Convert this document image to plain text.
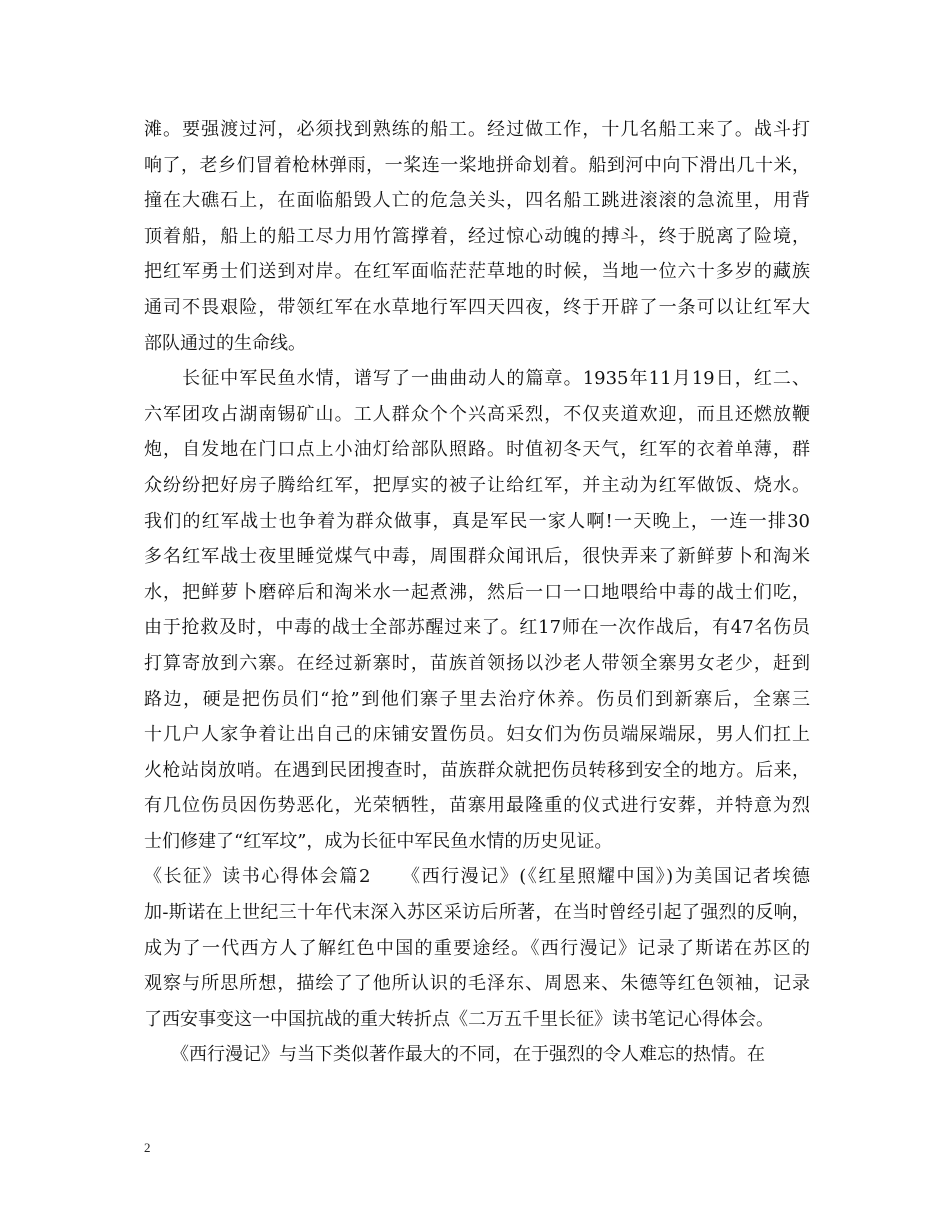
滩。要强渡过河，必须找到熟练的船工。经过做工作，十几名船工来了。战斗打
响了，老乡们冒着枪林弹雨，一桨连一桨地拼命划着。船到河中向下滑出几十米，
撞在大礁石上，在面临船毁人亡的危急关头，四名船工跳进滚滚的急流里，用背
顶着船，船上的船工尽力用竹篙撑着，经过惊心动魄的搏斗，终于脱离了险境，
把红军勇士们送到对岸。在红军面临茫茫草地的时候，当地一位六十多岁的藏族
通司不畏艰险，带领红军在水草地行军四天四夜，终于开辟了一条可以让红军大
部队通过的生命线。
　　长征中军民鱼水情，谱写了一曲曲动人的篇章。1935年11月19日，红二、
六军团攻占湖南锡矿山。工人群众个个兴高采烈，不仅夹道欢迎，而且还燃放鞭
炮，自发地在门口点上小油灯给部队照路。时值初冬天气，红军的衣着单薄，群
众纷纷把好房子腾给红军，把厚实的被子让给红军，并主动为红军做饭、烧水。
我们的红军战士也争着为群众做事，真是军民一家人啊!一天晚上，一连一排30
多名红军战士夜里睡觉煤气中毒，周围群众闻讯后，很快弄来了新鲜萝卜和淘米
水，把鲜萝卜磨碎后和淘米水一起煮沸，然后一口一口地喂给中毒的战士们吃，
由于抢救及时，中毒的战士全部苏醒过来了。红17师在一次作战后，有47名伤员
打算寄放到六寨。在经过新寨时，苗族首领扬以沙老人带领全寨男女老少，赶到
路边，硬是把伤员们“抢”到他们寨子里去治疗休养。伤员们到新寨后，全寨三
十几户人家争着让出自己的床铺安置伤员。妇女们为伤员端屎端尿，男人们扛上
火枪站岗放哨。在遇到民团搜查时，苗族群众就把伤员转移到安全的地方。后来，
有几位伤员因伤势恶化，光荣牺牲，苗寨用最隆重的仪式进行安葬，并特意为烈
士们修建了“红军坟”，成为长征中军民鱼水情的历史见证。
《长征》读书心得体会篇2　　《西行漫记》(《红星照耀中国》)为美国记者埃德
加-斯诺在上世纪三十年代末深入苏区采访后所著，在当时曾经引起了强烈的反响，
成为了一代西方人了解红色中国的重要途经。《西行漫记》记录了斯诺在苏区的
观察与所思所想，描绘了了他所认识的毛泽东、周恩来、朱德等红色领袖，记录
了西安事变这一中国抗战的重大转折点《二万五千里长征》读书笔记心得体会。
　　《西行漫记》与当下类似著作最大的不同，在于强烈的令人难忘的热情。在
2
